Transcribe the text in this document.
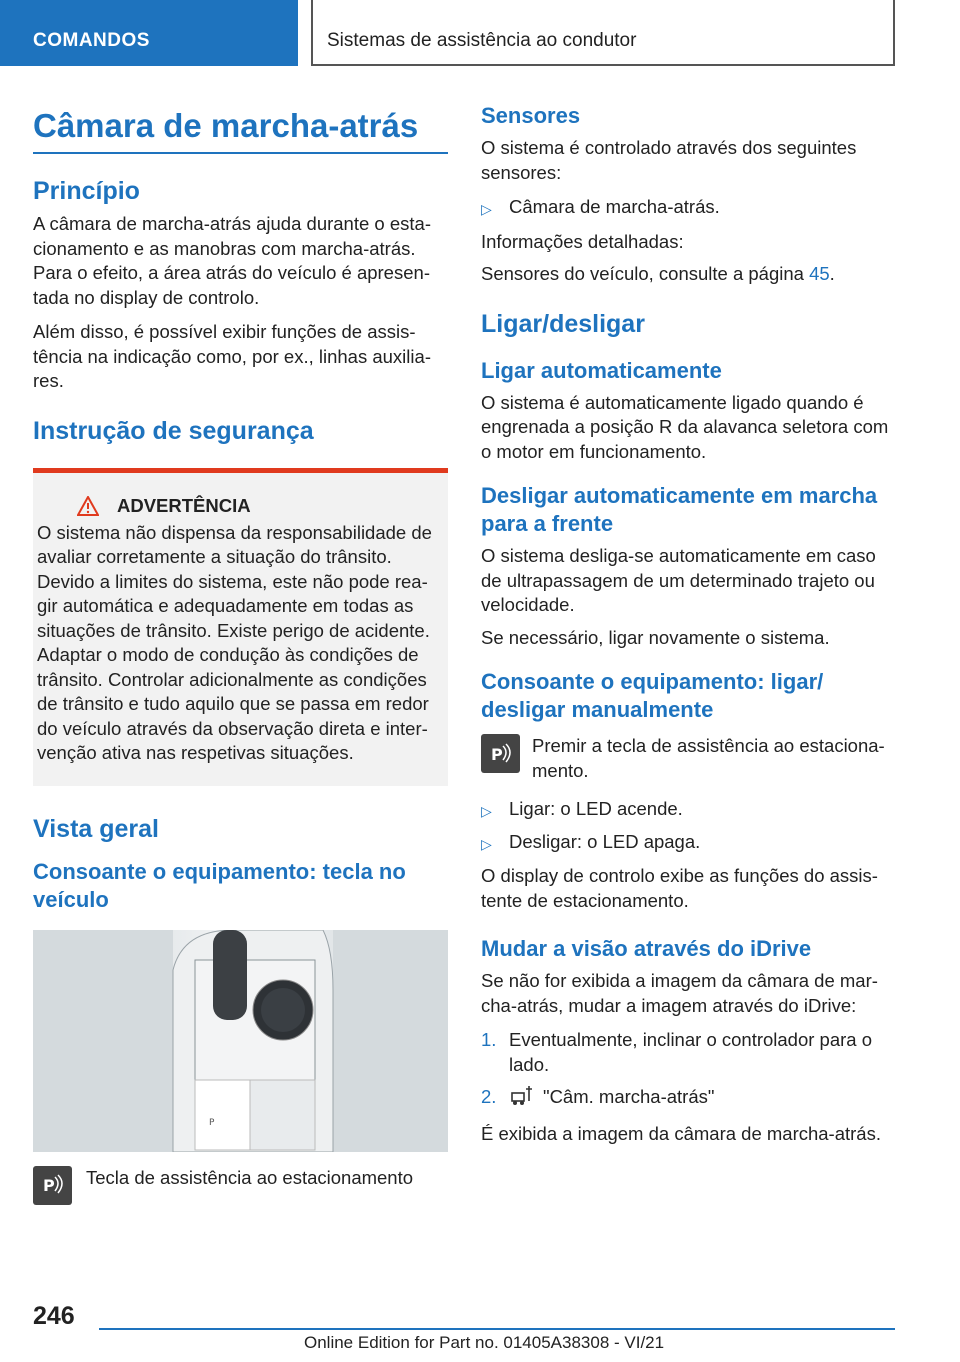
COMANDOS	Sistemas de assistência ao condutor
Câmara de marcha-atrás
Princípio

A câmara de marcha-atrás ajuda durante o estacionamento e as manobras com marcha-atrás. Para o efeito, a área atrás do veículo é apresentada no display de controlo.

Além disso, é possível exibir funções de assistência na indicação como, por ex., linhas auxiliares.

Instrução de segurança
ADVERTÊNCIA

O sistema não dispensa da responsabilidade de avaliar corretamente a situação do trânsito. Devido a limites do sistema, este não pode reagir automática e adequadamente em todas as situações de trânsito. Existe perigo de acidente. Adaptar o modo de condução às condições de trânsito. Controlar adicionalmente as condições de trânsito e tudo aquilo que se passa em redor do veículo através da observação direta e intervenção ativa nas respetivas situações.

Vista geral
Consoante o equipamento: tecla no veículo
P
P Tecla de assistência ao estacionamento

Sensores

O sistema é controlado através dos seguintes sensores:

▷ Câmara de marcha-atrás.

Informações detalhadas:

Sensores do veículo, consulte a página 45.

Ligar/desligar
Ligar automaticamente

O sistema é automaticamente ligado quando é engrenada a posição R da alavanca seletora com o motor em funcionamento.

Desligar automaticamente em marcha para a frente

O sistema desliga-se automaticamente em caso de ultrapassagem de um determinado trajeto ou velocidade.

Se necessário, ligar novamente o sistema.

Consoante o equipamento: ligar/ desligar manualmente
P Premir a tecla de assistência ao estacionamento.

▷ Ligar: o LED acende.
▷ Desligar: o LED apaga.

O display de controlo exibe as funções do assistente de estacionamento.

Mudar a visão através do iDrive

Se não for exibida a imagem da câmara de marcha-atrás, mudar a imagem através do iDrive:

1. Eventualmente, inclinar o controlador para o lado.
2.	"Câm. marcha-atrás"

É exibida a imagem da câmara de marcha-atrás.

246
Online Edition for Part no. 01405A38308 - VI/21
